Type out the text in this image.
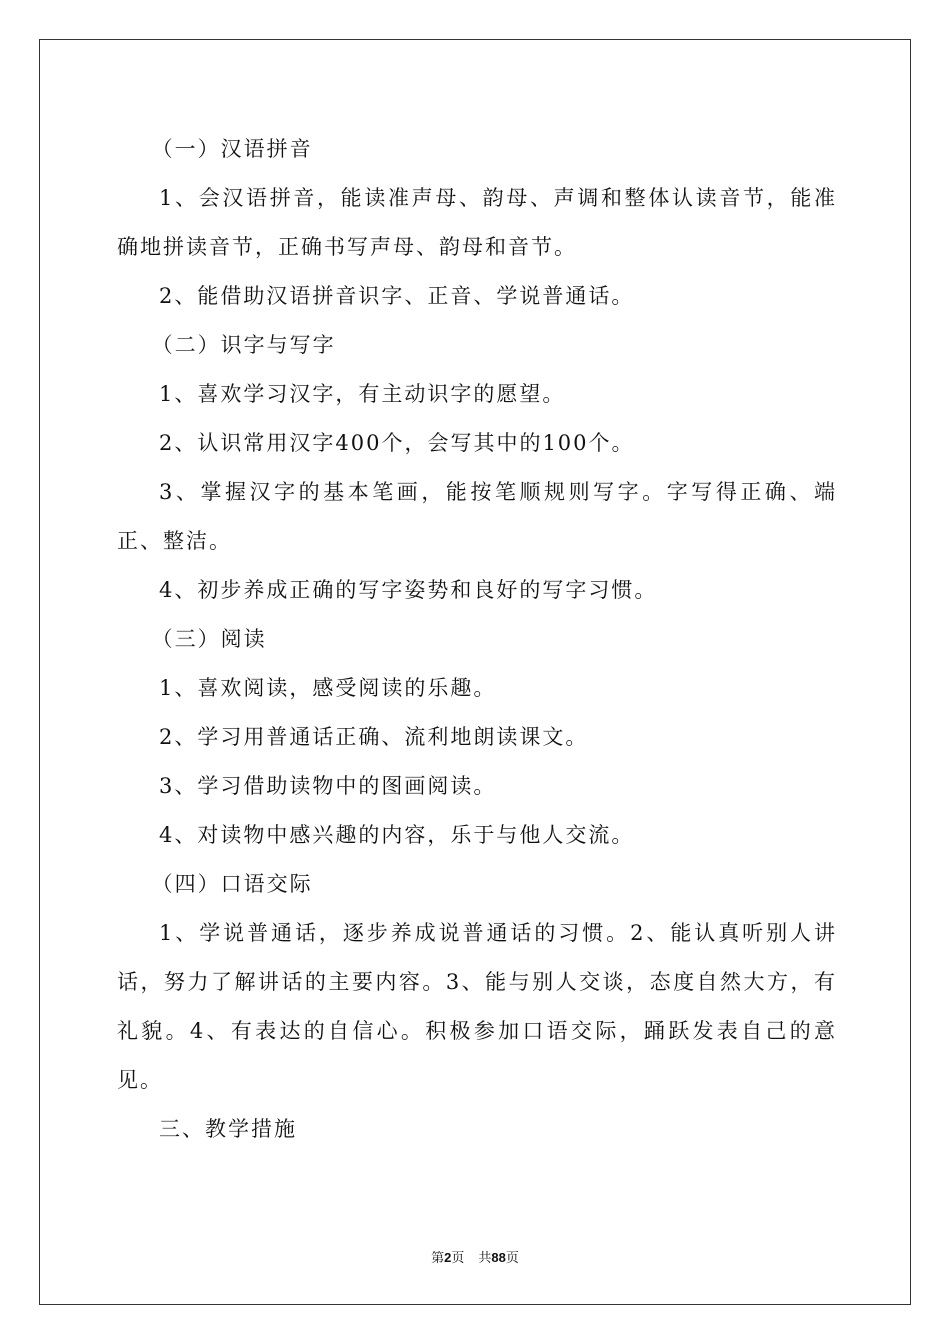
（一）汉语拼音

1、会汉语拼音，能读准声母、韵母、声调和整体认读音节，能准确地拼读音节，正确书写声母、韵母和音节。

2、能借助汉语拼音识字、正音、学说普通话。

（二）识字与写字

1、喜欢学习汉字，有主动识字的愿望。

2、认识常用汉字400个，会写其中的100个。

3、掌握汉字的基本笔画，能按笔顺规则写字。字写得正确、端正、整洁。

4、初步养成正确的写字姿势和良好的写字习惯。

（三）阅读

1、喜欢阅读，感受阅读的乐趣。

2、学习用普通话正确、流利地朗读课文。

3、学习借助读物中的图画阅读。

4、对读物中感兴趣的内容，乐于与他人交流。

（四）口语交际

1、学说普通话，逐步养成说普通话的习惯。2、能认真听别人讲话，努力了解讲话的主要内容。3、能与别人交谈，态度自然大方，有礼貌。4、有表达的自信心。积极参加口语交际，踊跃发表自己的意见。

三、教学措施

第2页 共88页
